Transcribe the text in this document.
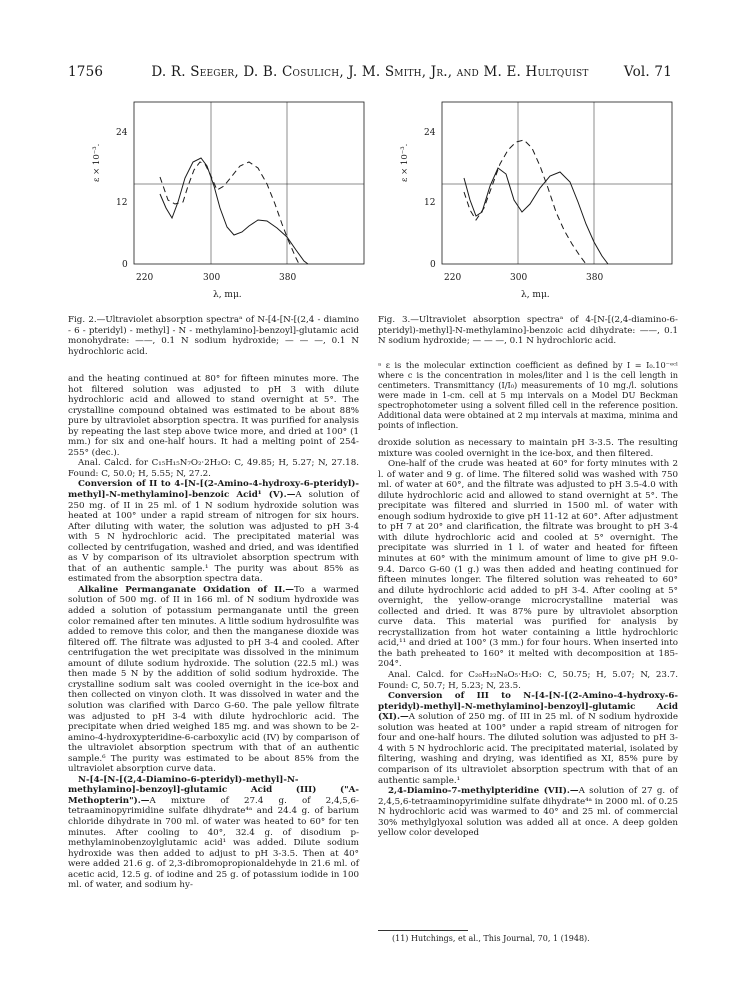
1756	D. R. Seeger, D. B. Cosulich, J. M. Smith, Jr., and M. E. Hultquist	Vol. 71
24
12
0
ε × 10⁻³.
220	300	380
λ, mμ.
Fig. 2.—Ultraviolet absorption spectraᵃ of N-[4-[N-[(2,4 - diamino - 6 - pteridyl) - methyl] - N - methylamino]-benzoyl]-glutamic acid monohydrate: ——, 0.1 N sodium hydroxide; — — —, 0.1 N hydrochloric acid.
24
12
0
ε × 10⁻³.
220	300	380
λ, mμ.
Fig. 3.—Ultraviolet absorption spectraᵃ of 4-[N-[(2,4-diamino-6-pteridyl)-methyl]-N-methylamino]-benzoic acid dihydrate: ——, 0.1 N sodium hydroxide; — — —, 0.1 N hydrochloric acid.

and the heating continued at 80° for fifteen minutes more. The hot filtered solution was adjusted to pH 3 with dilute hydrochloric acid and allowed to stand overnight at 5°. The crystalline compound obtained was estimated to be about 88% pure by ultraviolet absorption spectra. It was purified for analysis by repeating the last step above twice more, and dried at 100° (1 mm.) for six and one-half hours. It had a melting point of 254-255° (dec.).

Anal. Calcd. for C₁₅H₁₅N₇O₂·2H₂O: C, 49.85; H, 5.27; N, 27.18. Found: C, 50.0; H, 5.55; N, 27.2.

Conversion of II to 4-[N-[(2-Amino-4-hydroxy-6-pteridyl)-methyl]-N-methylamino]-benzoic Acid¹ (V).—A solution of 250 mg. of II in 25 ml. of 1 N sodium hydroxide solution was heated at 100° under a rapid stream of nitrogen for six hours. After diluting with water, the solution was adjusted to pH 3-4 with 5 N hydrochloric acid. The precipitated material was collected by centrifugation, washed and dried, and was identified as V by comparison of its ultraviolet absorption spectrum with that of an authentic sample.¹ The purity was about 85% as estimated from the absorption spectra data.

Alkaline Permanganate Oxidation of II.—To a warmed solution of 500 mg. of II in 166 ml. of N sodium hydroxide was added a solution of potassium permanganate until the green color remained after ten minutes. A little sodium hydrosulfite was added to remove this color, and then the manganese dioxide was filtered off. The filtrate was adjusted to pH 3-4 and cooled. After centrifugation the wet precipitate was dissolved in the minimum amount of dilute sodium hydroxide. The solution (22.5 ml.) was then made 5 N by the addition of solid sodium hydroxide. The crystalline sodium salt was cooled overnight in the ice-box and then collected on vinyon cloth. It was dissolved in water and the solution was clarified with Darco G-60. The pale yellow filtrate was adjusted to pH 3-4 with dilute hydrochloric acid. The precipitate when dried weighed 185 mg. and was shown to be 2-amino-4-hydroxypteridine-6-carboxylic acid (IV) by comparison of the ultraviolet absorption spectrum with that of an authentic sample.⁶ The purity was estimated to be about 85% from the ultraviolet absorption curve data.

N-[4-[N-[(2,4-Diamino-6-pteridyl)-methyl]-N-methylamino]-benzoyl]-glutamic Acid (III) ("A-Methopterin").—A mixture of 27.4 g. of 2,4,5,6-tetraaminopyrimidine sulfate dihydrate⁴ᵃ and 24.4 g. of barium chloride dihydrate in 700 ml. of water was heated to 60° for ten minutes. After cooling to 40°, 32.4 g. of disodium p-methylaminobenzoylglutamic acid¹ was added. Dilute sodium hydroxide was then added to adjust to pH 3-3.5. Then at 40° were added 21.6 g. of 2,3-dibromopropionaldehyde in 21.6 ml. of acetic acid, 12.5 g. of iodine and 25 g. of potassium iodide in 100 ml. of water, and sodium hy-

ᵃ ε is the molecular extinction coefficient as defined by I = I₀.10⁻ᵉᶜˡ where c is the concentration in moles/liter and l is the cell length in centimeters. Transmittancy (I/I₀) measurements of 10 mg./l. solutions were made in 1-cm. cell at 5 mμ intervals on a Model DU Beckman spectrophotometer using a solvent filled cell in the reference position. Additional data were obtained at 2 mμ intervals at maxima, minima and points of inflection.

droxide solution as necessary to maintain pH 3-3.5. The resulting mixture was cooled overnight in the ice-box, and then filtered.

One-half of the crude was heated at 60° for forty minutes with 2 l. of water and 9 g. of lime. The filtered solid was washed with 750 ml. of water at 60°, and the filtrate was adjusted to pH 3.5-4.0 with dilute hydrochloric acid and allowed to stand overnight at 5°. The precipitate was filtered and slurried in 1500 ml. of water with enough sodium hydroxide to give pH 11-12 at 60°. After adjustment to pH 7 at 20° and clarification, the filtrate was brought to pH 3-4 with dilute hydrochloric acid and cooled at 5° overnight. The precipitate was slurried in 1 l. of water and heated for fifteen minutes at 60° with the minimum amount of lime to give pH 9.0-9.4. Darco G-60 (1 g.) was then added and heating continued for fifteen minutes longer. The filtered solution was reheated to 60° and dilute hydrochloric acid added to pH 3-4. After cooling at 5° overnight, the yellow-orange microcrystalline material was collected and dried. It was 87% pure by ultraviolet absorption curve data. This material was purified for analysis by recrystallization from hot water containing a little hydrochloric acid,¹¹ and dried at 100° (3 mm.) for four hours. When inserted into the bath preheated to 160° it melted with decomposition at 185-204°.

Anal. Calcd. for C₂₀H₂₂N₈O₅·H₂O: C, 50.75; H, 5.07; N, 23.7. Found: C, 50.7; H, 5.23; N, 23.5.

Conversion of III to N-[4-[N-[(2-Amino-4-hydroxy-6-pteridyl)-methyl]-N-methylamino]-benzoyl]-glutamic Acid (XI).—A solution of 250 mg. of III in 25 ml. of N sodium hydroxide solution was heated at 100° under a rapid stream of nitrogen for four and one-half hours. The diluted solution was adjusted to pH 3-4 with 5 N hydrochloric acid. The precipitated material, isolated by filtering, washing and drying, was identified as XI, 85% pure by comparison of its ultraviolet absorption spectrum with that of an authentic sample.¹

2,4-Diamino-7-methylpteridine (VII).—A solution of 27 g. of 2,4,5,6-tetraaminopyrimidine sulfate dihydrate⁴ᵃ in 2000 ml. of 0.25 N hydrochloric acid was warmed to 40° and 25 ml. of commercial 30% methylglyoxal solution was added all at once. A deep golden yellow color developed

(11) Hutchings, et al., This Journal, 70, 1 (1948).
